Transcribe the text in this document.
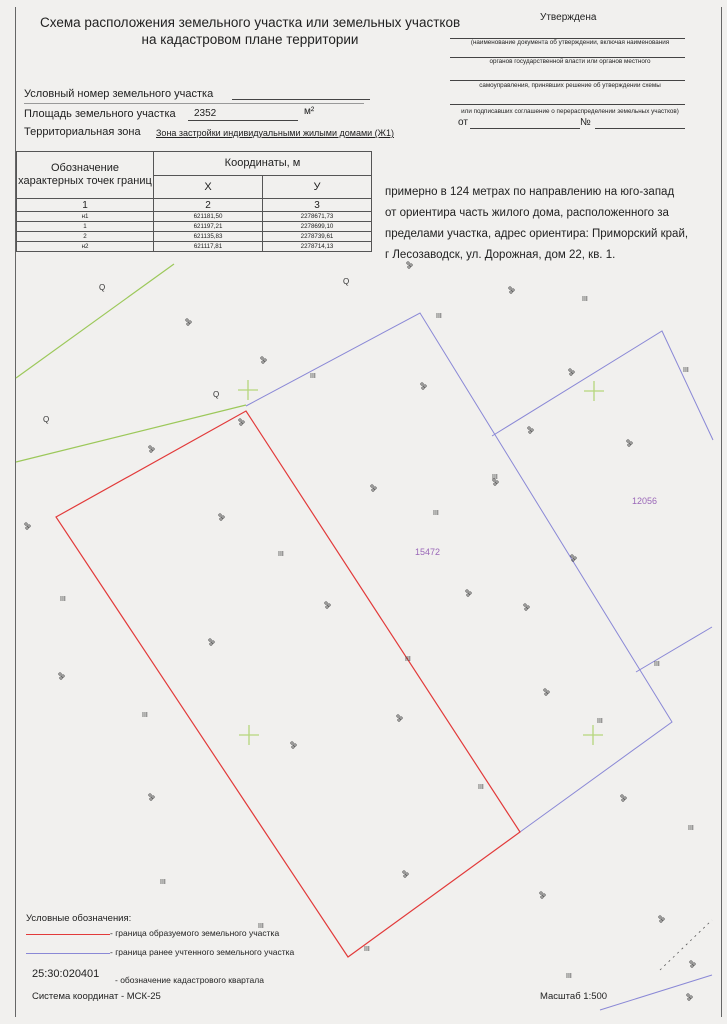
Схема расположения земельного участка или земельных участков
на кадастровом плане территории
Утверждена
(наименование документа об утверждении, включая наименования
органов государственной власти или органов местного
самоуправления, принявших решение об утверждении схемы
или подписавших соглашение о перераспределении земельных участков)
от	№
Условный номер земельного участка
Площадь земельного участка 2352	м²
Территориальная зона Зона застройки индивидуальными жилыми домами (Ж1)
Обозначение характерных точек границ	Координаты, м	
	X	У
1	2	3
н1	621181,50	2278671,73
1	621197,21	2278699,10
2	621135,83	2278739,61
н2	621117,81	2278714,13
примерно в 124 метрах по направлению на юго-запад
от ориентира часть жилого дома, расположенного за
пределами участка, адрес ориентира: Приморский край,
г Лесозаводск, ул. Дорожная, дом 22, кв. 1.
15472
12056
Q
Q
Q
Q
III
III
III
III
III
III
III
III
III
III
III
III
III
III
III
III
III
III
Условные обозначения:
- граница образуемого земельного участка
- граница ранее учтенного земельного участка
25:30:020401 - обозначение кадастрового квартала
Система координат - МСК-25	Масштаб 1:500
